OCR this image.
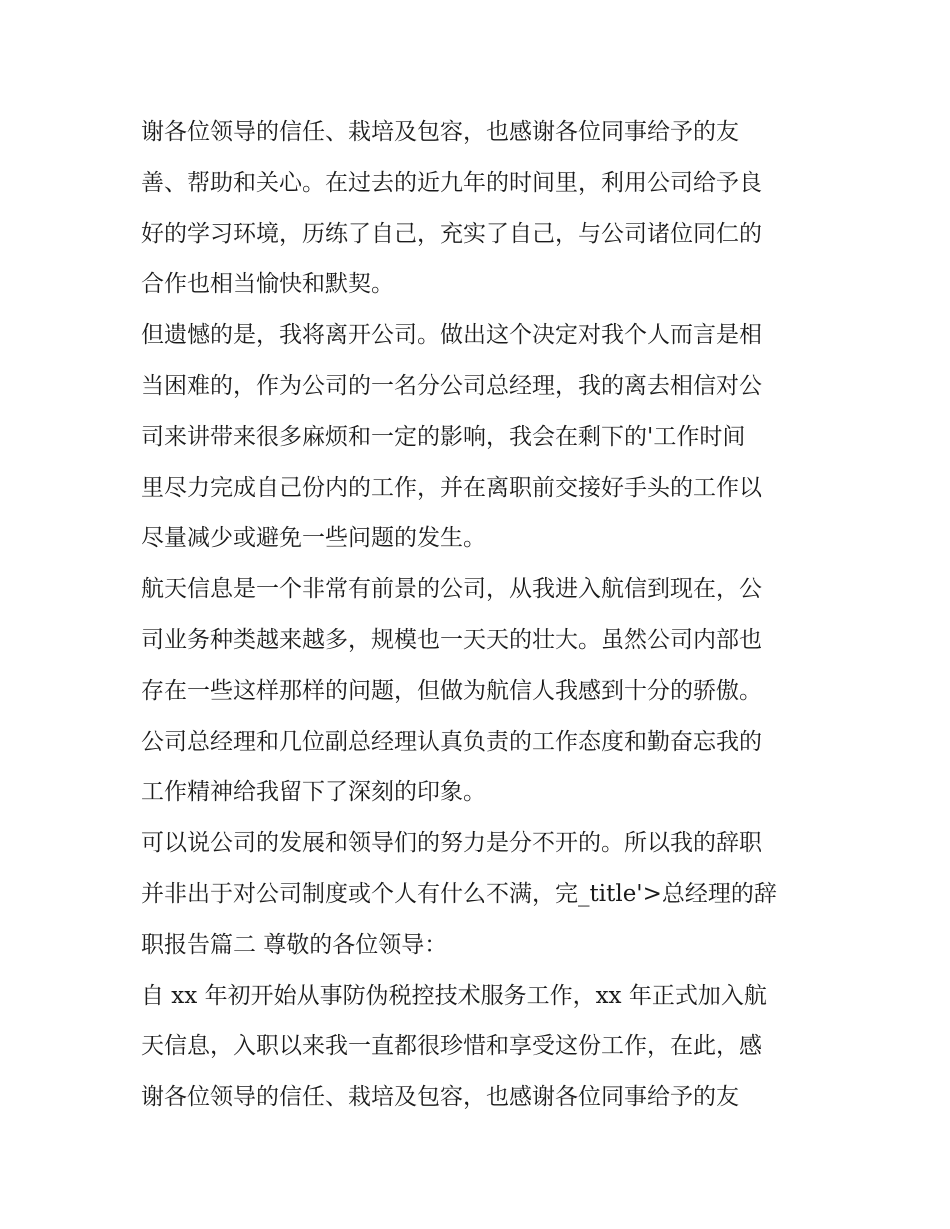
谢各位领导的信任、栽培及包容，也感谢各位同事给予的友
善、帮助和关心。在过去的近九年的时间里，利用公司给予良
好的学习环境，历练了自己，充实了自己，与公司诸位同仁的
合作也相当愉快和默契。
但遗憾的是，我将离开公司。做出这个决定对我个人而言是相
当困难的，作为公司的一名分公司总经理，我的离去相信对公
司来讲带来很多麻烦和一定的影响，我会在剩下的'工作时间
里尽力完成自己份内的工作，并在离职前交接好手头的工作以
尽量减少或避免一些问题的发生。
航天信息是一个非常有前景的公司，从我进入航信到现在，公
司业务种类越来越多，规模也一天天的壮大。虽然公司内部也
存在一些这样那样的问题，但做为航信人我感到十分的骄傲。
公司总经理和几位副总经理认真负责的工作态度和勤奋忘我的
工作精神给我留下了深刻的印象。
可以说公司的发展和领导们的努力是分不开的。所以我的辞职
并非出于对公司制度或个人有什么不满，完_title'>总经理的辞
职报告篇二 尊敬的各位领导：
自 xx 年初开始从事防伪税控技术服务工作，xx 年正式加入航
天信息，入职以来我一直都很珍惜和享受这份工作，在此，感
谢各位领导的信任、栽培及包容，也感谢各位同事给予的友
